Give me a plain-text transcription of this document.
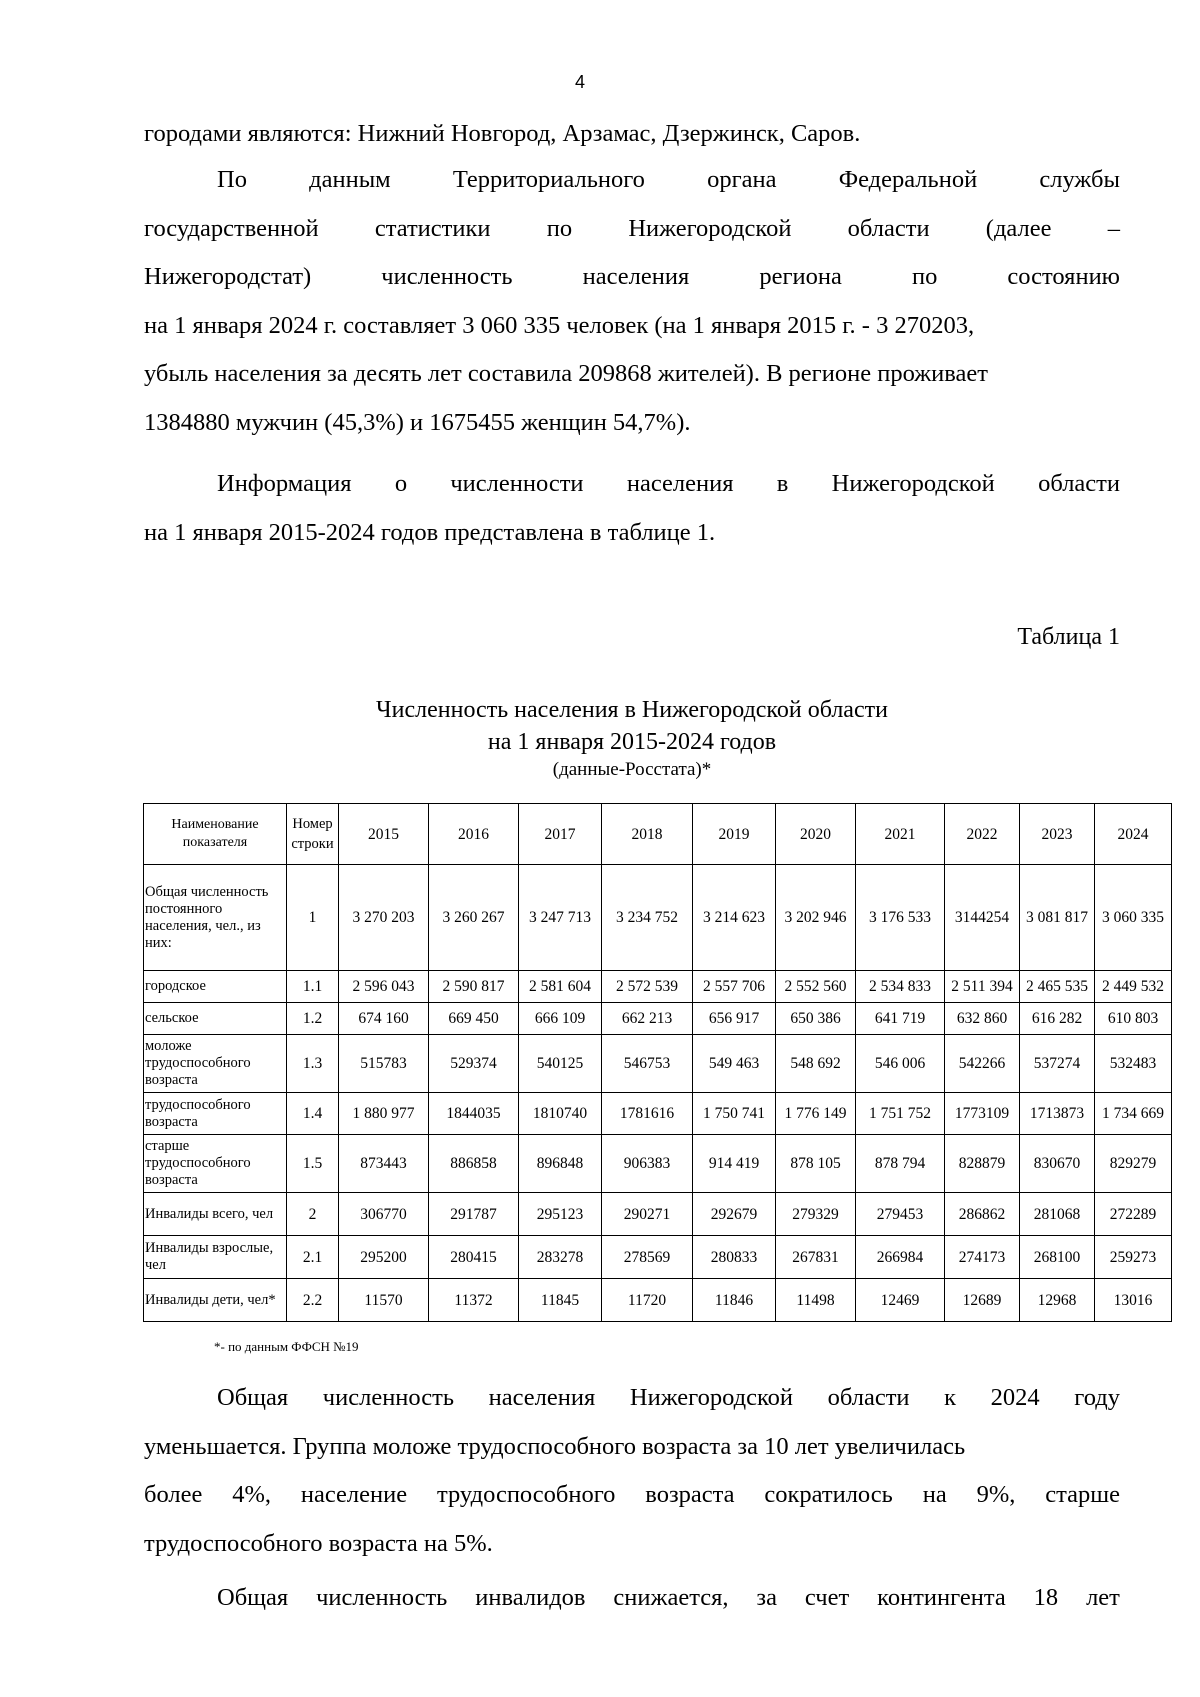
4

городами являются: Нижний Новгород, Арзамас, Дзержинск, Саров.

По	данным	Территориального	органа	Федеральной	службы
государственной статистики по Нижегородской области (далее –
Нижегородстат)	численность	населения	региона	по	состоянию
на 1 января 2024 г. составляет 3 060 335 человек (на 1 января 2015 г. - 3 270203,
убыль населения за десять лет составила 209868 жителей). В регионе проживает
1384880 мужчин (45,3%) и 1675455 женщин 54,7%).
Информация о численности населения в Нижегородской области
на 1 января 2015-2024 годов представлена в таблице 1.
Таблица 1
Численность населения в Нижегородской области
на 1 января 2015-2024 годов
(данные-Росстата)*
Наименование показателя	Номер строки	2015	2016	2017	2018	2019	2020	2021	2022	2023	2024
Общая численность постоянного населения, чел., из них:	1	3 270 203	3 260 267	3 247 713	3 234 752	3 214 623	3 202 946	3 176 533	3144254	3 081 817	3 060 335
городское	1.1	2 596 043	2 590 817	2 581 604	2 572 539	2 557 706	2 552 560	2 534 833	2 511 394	2 465 535	2 449 532
сельское	1.2	674 160	669 450	666 109	662 213	656 917	650 386	641 719	632 860	616 282	610 803
моложе трудоспособного возраста	1.3	515783	529374	540125	546753	549 463	548 692	546 006	542266	537274	532483
трудоспособного возраста	1.4	1 880 977	1844035	1810740	1781616	1 750 741	1 776 149	1 751 752	1773109	1713873	1 734 669
старше трудоспособного возраста	1.5	873443	886858	896848	906383	914 419	878 105	878 794	828879	830670	829279
Инвалиды всего, чел	2	306770	291787	295123	290271	292679	279329	279453	286862	281068	272289
Инвалиды взрослые, чел	2.1	295200	280415	283278	278569	280833	267831	266984	274173	268100	259273
Инвалиды дети, чел*	2.2	11570	11372	11845	11720	11846	11498	12469	12689	12968	13016
*- по данным ФФСН №19
Общая численность населения Нижегородской области к 2024 году
уменьшается. Группа моложе трудоспособного возраста за 10 лет увеличилась
более 4%, население трудоспособного возраста сократилось на 9%, старше
трудоспособного возраста на 5%.
Общая численность инвалидов снижается, за счет контингента 18 лет
